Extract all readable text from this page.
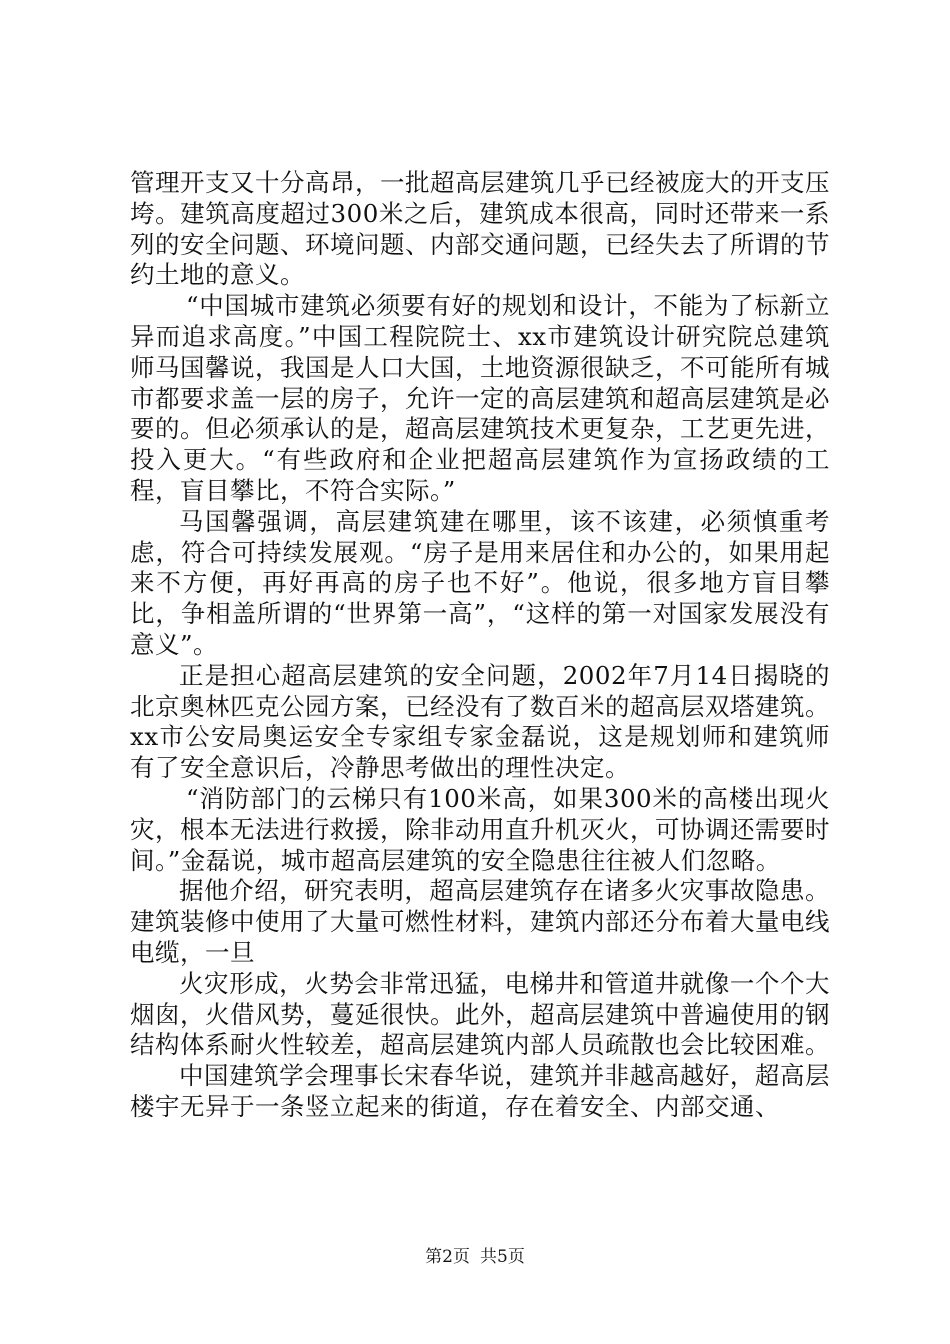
管理开支又十分高昂，一批超高层建筑几乎已经被庞大的开支压垮。建筑高度超过300米之后，建筑成本很高，同时还带来一系列的安全问题、环境问题、内部交通问题，已经失去了所谓的节约土地的意义。

“中国城市建筑必须要有好的规划和设计，不能为了标新立异而追求高度。”中国工程院院士、xx市建筑设计研究院总建筑师马国馨说，我国是人口大国，土地资源很缺乏，不可能所有城市都要求盖一层的房子，允许一定的高层建筑和超高层建筑是必要的。但必须承认的是，超高层建筑技术更复杂，工艺更先进，投入更大。“有些政府和企业把超高层建筑作为宣扬政绩的工程，盲目攀比，不符合实际。”

马国馨强调，高层建筑建在哪里，该不该建，必须慎重考虑，符合可持续发展观。“房子是用来居住和办公的，如果用起来不方便，再好再高的房子也不好”。他说，很多地方盲目攀比，争相盖所谓的“世界第一高”，“这样的第一对国家发展没有意义”。

正是担心超高层建筑的安全问题，2002年7月14日揭晓的北京奥林匹克公园方案，已经没有了数百米的超高层双塔建筑。xx市公安局奥运安全专家组专家金磊说，这是规划师和建筑师有了安全意识后，冷静思考做出的理性决定。

“消防部门的云梯只有100米高，如果300米的高楼出现火灾，根本无法进行救援，除非动用直升机灭火，可协调还需要时间。”金磊说，城市超高层建筑的安全隐患往往被人们忽略。

据他介绍，研究表明，超高层建筑存在诸多火灾事故隐患。建筑装修中使用了大量可燃性材料，建筑内部还分布着大量电线电缆，一旦

火灾形成，火势会非常迅猛，电梯井和管道井就像一个个大烟囱，火借风势，蔓延很快。此外，超高层建筑中普遍使用的钢结构体系耐火性较差，超高层建筑内部人员疏散也会比较困难。

中国建筑学会理事长宋春华说，建筑并非越高越好，超高层楼宇无异于一条竖立起来的街道，存在着安全、内部交通、

第2页 共5页
